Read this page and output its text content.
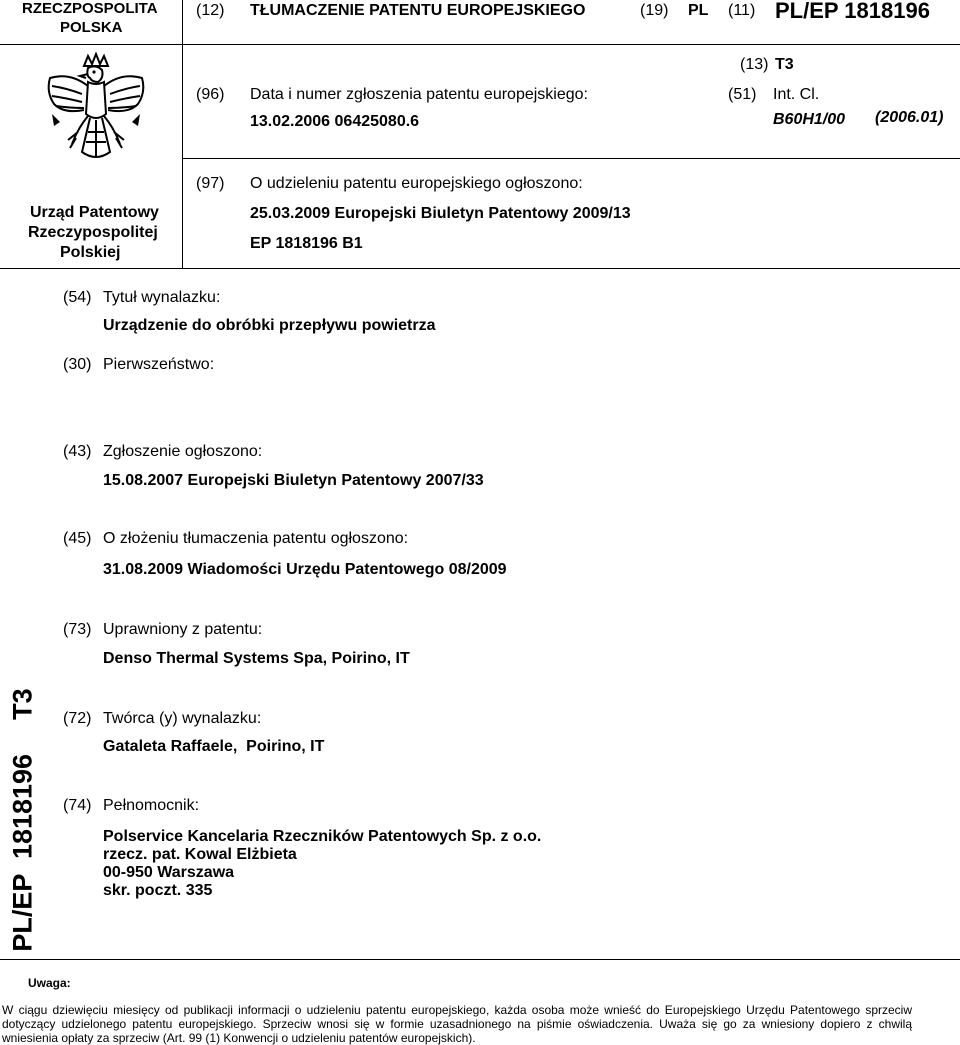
RZECZPOSPOLITA
POLSKA
(12) TŁUMACZENIE PATENTU EUROPEJSKIEGO	(19) PL (11) PL/EP 1818196
Urząd Patentowy
Rzeczypospolitej
Polskiej
(13) T3
(96) Data i numer zgłoszenia patentu europejskiego:
13.02.2006 06425080.6
(51) Int. Cl.
B60H1/00 (2006.01)
(97) O udzieleniu patentu europejskiego ogłoszono:
25.03.2009 Europejski Biuletyn Patentowy 2009/13
EP 1818196 B1
(54) Tytuł wynalazku:
Urządzenie do obróbki przepływu powietrza
(30) Pierwszeństwo:
(43) Zgłoszenie ogłoszono:
15.08.2007 Europejski Biuletyn Patentowy 2007/33
(45) O złożeniu tłumaczenia patentu ogłoszono:
31.08.2009 Wiadomości Urzędu Patentowego 08/2009
(73) Uprawniony z patentu:
Denso Thermal Systems Spa, Poirino, IT
(72) Twórca (y) wynalazku:
Gataleta Raffaele,  Poirino, IT
(74) Pełnomocnik:
Polservice Kancelaria Rzeczników Patentowych Sp. z o.o.
rzecz. pat. Kowal Elżbieta
00-950 Warszawa
skr. poczt. 335
PL/EP  1818196T3
Uwaga:
W ciągu dziewięciu miesięcy od publikacji informacji o udzieleniu patentu europejskiego, każda osoba może wnieść do Europejskiego Urzędu Patentowego sprzeciw dotyczący udzielonego patentu europejskiego. Sprzeciw wnosi się w formie uzasadnionego na piśmie oświadczenia. Uważa się go za wniesiony dopiero z chwilą wniesienia opłaty za sprzeciw (Art. 99 (1) Konwencji o udzieleniu patentów europejskich).
